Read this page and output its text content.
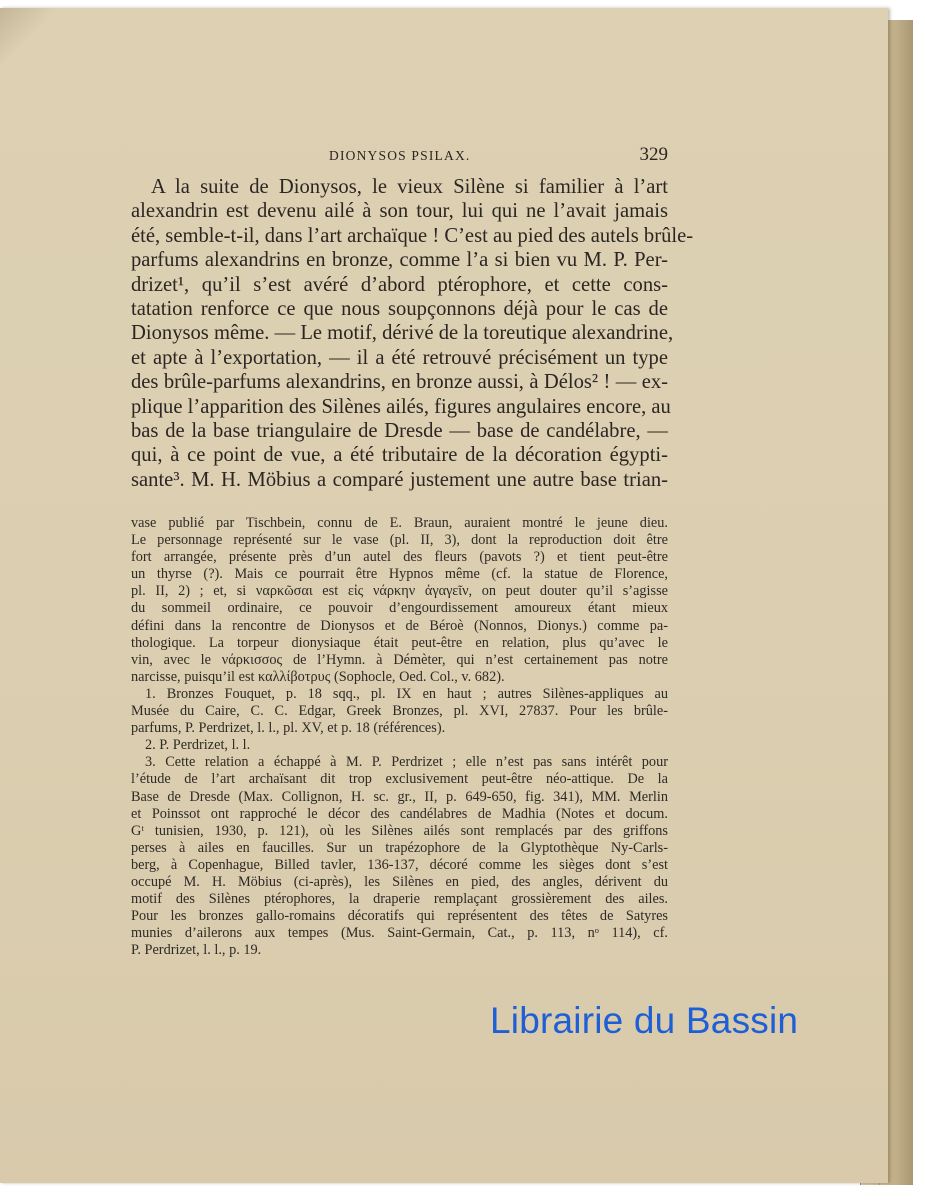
DIONYSOS PSILAX.	329
A la suite de Dionysos, le vieux Silène si familier à l’art
alexandrin est devenu ailé à son tour, lui qui ne l’avait jamais
été, semble-t-il, dans l’art archaïque ! C’est au pied des autels brûle-
parfums alexandrins en bronze, comme l’a si bien vu M. P. Per-
drizet¹, qu’il s’est avéré d’abord ptérophore, et cette cons-
tatation renforce ce que nous soupçonnons déjà pour le cas de
Dionysos même. — Le motif, dérivé de la toreutique alexandrine,
et apte à l’exportation, — il a été retrouvé précisément un type
des brûle-parfums alexandrins, en bronze aussi, à Délos² ! — ex-
plique l’apparition des Silènes ailés, figures angulaires encore, au
bas de la base triangulaire de Dresde — base de candélabre, —
qui, à ce point de vue, a été tributaire de la décoration égypti-
sante³. M. H. Möbius a comparé justement une autre base trian-
vase publié par Tischbein, connu de E. Braun, auraient montré le jeune dieu.
Le personnage représenté sur le vase (pl. II, 3), dont la reproduction doit être
fort arrangée, présente près d’un autel des fleurs (pavots ?) et tient peut-être
un thyrse (?). Mais ce pourrait être Hypnos même (cf. la statue de Florence,
pl. II, 2) ; et, si ναρκῶσαι est εἰς νάρκην ἀγαγεῖν, on peut douter qu’il s’agisse
du sommeil ordinaire, ce pouvoir d’engourdissement amoureux étant mieux
défini dans la rencontre de Dionysos et de Béroè (Nonnos, Dionys.) comme pa-
thologique. La torpeur dionysiaque était peut-être en relation, plus qu’avec le
vin, avec le νάρκισσος de l’Hymn. à Démèter, qui n’est certainement pas notre
narcisse, puisqu’il est καλλίβοτρυς (Sophocle, Oed. Col., v. 682).
1. Bronzes Fouquet, p. 18 sqq., pl. IX en haut ; autres Silènes-appliques au
Musée du Caire, C. C. Edgar, Greek Bronzes, pl. XVI, 27837. Pour les brûle-
parfums, P. Perdrizet, l. l., pl. XV, et p. 18 (références).
2. P. Perdrizet, l. l.
3. Cette relation a échappé à M. P. Perdrizet ; elle n’est pas sans intérêt pour
l’étude de l’art archaïsant dit trop exclusivement peut-être néo-attique. De la
Base de Dresde (Max. Collignon, H. sc. gr., II, p. 649-650, fig. 341), MM. Merlin
et Poinssot ont rapproché le décor des candélabres de Madhia (Notes et docum.
Gᵗ tunisien, 1930, p. 121), où les Silènes ailés sont remplacés par des griffons
perses à ailes en faucilles. Sur un trapézophore de la Glyptothèque Ny-Carls-
berg, à Copenhague, Billed tavler, 136-137, décoré comme les sièges dont s’est
occupé M. H. Möbius (ci-après), les Silènes en pied, des angles, dérivent du
motif des Silènes ptérophores, la draperie remplaçant grossièrement des ailes.
Pour les bronzes gallo-romains décoratifs qui représentent des têtes de Satyres
munies d’ailerons aux tempes (Mus. Saint-Germain, Cat., p. 113, nᵒ 114), cf.
P. Perdrizet, l. l., p. 19.
Librairie du Bassin
